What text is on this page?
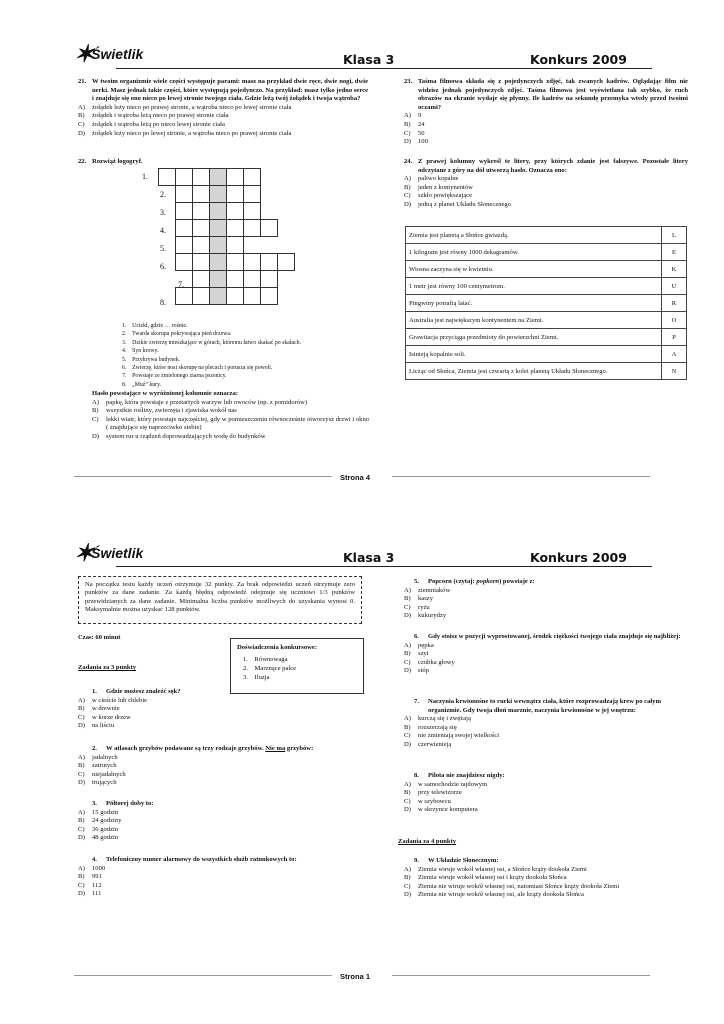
✶Świetlik	Klasa 3	Konkurs 2009
21. W twoim organizmie wiele części występuje parami: masz na przykład dwie ręce, dwie nogi, dwie nerki. Masz jednak takie części, które występują pojedynczo. Na przykład: masz tylko jedno serce i znajduje się ono nieco po lewej stronie twojego ciała. Gdzie leżą twój żołądek i twoja wątroba?
A)	żołądek leży nieco po prawej stronie, a wątroba nieco po lewej stronie ciała
B)	żołądek i wątroba leżą nieco po prawej stronie ciała
C)	żołądek i wątroba leżą po nieco lewej stronie ciała
D)	żołądek leży nieco po lewej stronie, a wątroba nieco po prawej stronie ciała
22. Rozwiąż logogryf.
1.
2.
3.
4.
5.
6.
7.
8.

1. Uciekł, gdzie … rośnie.
2. Twarda skorupa pokrywająca pień drzewa.
3. Dzikie zwierzę mieszkające w górach, któremu łatwo skakać po skałach.
4. Syn krowy.
5. Przykrywa budynek.
6. Zwierzę, które nosi skorupę na plecach i porusza się powoli.
7. Powstaje ze zmielonego ziarna pszenicy.
8. „Muź” kury.
Hasło powstające w wyróżnionej kolumnie oznacza:
A)	papkę, która powstaje z przetartych warzyw lub owoców (np. z pomidorów)
B)	wszystkie rośliny, zwierzęta i zjawiska wokół nas
C)	lekki wiatr, który powstaje najczęściej, gdy w pomieszczeniu równocześnie otworzysz drzwi i okno ( znajdujące się naprzeciwko siebie)
D)	system rur u rządzeń doprowadzających wodę do budynków
23. Taśma filmowa składa się z pojedynczych zdjęć, tak zwanych kadrów. Oglądając film nie widzisz jednak pojedynczych zdjęć. Taśma filmowa jest wyświetlana tak szybko, że ruch obrazów na ekranie wydaje się płynny. Ile kadrów na sekundę przemyka wtedy przed twoimi oczami?
A)	9
B)	24
C)	50
D)	100
24. Z prawej kolumny wykreśl te litery, przy których zdanie jest fałszywe. Pozostałe litery odczytane z góry na dół utworzą hasło. Oznacza ono:
A)	paliwo kopalne
B)	jeden z kontynentów
C)	szkło powiększające
D)	jedną z planet Układu Słonecznego
Ziemia jest planetą a Słońce gwiazdą.	L
1 kilogram jest równy 1000 dekagramów.	E
Wiosna zaczyna się w kwietniu.	K
1 metr jest równy 100 centymetrom.	U
Pingwiny potrafią latać.	R
Australia jest największym kontynentem na Ziemi.	O
Grawitacja przyciąga przedmioty do powierzchni Ziemi.	P
Istnieją kopalnie soli.	A
Licząc od Słońca, Ziemia jest czwartą z kolei planetą Układu Słonecznego.	N
Strona 4
✶Świetlik	Klasa 3	Konkurs 2009
Na początku testu każdy uczeń otrzymuje 32 punkty. Za brak odpowiedzi uczeń otrzymuje zero punktów za dane zadanie. Za każdą błędną odpowiedź odejmuje się uczniowi 1/3 punktów przewidzianych za dane zadanie. Minimalna liczba punktów możliwych do uzyskania wynosi 0. Maksymalnie można uzyskać 128 punktów.
Czas: 60 minut
Doświadczenia konkursowe:
1. Równowaga
2. Marznące palce
3. Iluzja
Zadania za 3 punkty
1.	Gdzie możesz znaleźć sęk?
A)	w cieście lub chlebie
B)	w drewnie
C)	w korze drzew
D)	na liściu
2.	W atlasach grzybów podawane są trzy rodzaje grzybów. Nie ma grzybów:
A)	jadalnych
B)	zatrutych
C)	niejadalnych
D)	trujących
3.	Półtorej doby to:
A)	15 godzin
B)	24 godziny
C)	36 godzin
D)	48 godzin
4.	Telefoniczny numer alarmowy do wszystkich służb ratunkowych to:
A)	1000
B)	991
C)	112
D)	111
5.	Popcorn (czytaj: popkorn) powstaje z:
A)	ziemniaków
B)	kaszy
C)	ryżu
D)	kukurydzy
6.	Gdy stoisz w pozycji wyprostowanej, środek ciężkości twojego ciała znajduje się najbliżej:
A)	pępka
B)	szyi
C)	czubka głowy
D)	stóp
7.	Naczynia krwionośne to rurki wewnątrz ciała, które rozprowadzają krew po całym organizmie. Gdy twoja dłoń marznie, naczynia krwionośne w jej wnętrzu:
A)	kurczą się i zwężają
B)	rozszerzają się
C)	nie zmieniają swojej wielkości
D)	czerwienieją
8.	Pilota nie znajdziesz nigdy:
A)	w samochodzie rajdowym
B)	przy telewizorze
C)	w szybowcu
D)	w skrzynce komputera
Zadania za 4 punkty
9.	W Układzie Słonecznym:
A)	Ziemia wiruje wokół własnej osi, a Słońce krąży dookoła Ziemi
B)	Ziemia wiruje wokół własnej osi i krąży dookoła Słońca
C)	Ziemia nie wiruje wokół własnej osi, natomiast Słońce krąży dookoła Ziemi
D)	Ziemia nie wiruje wokół własnej osi, ale krąży dookoła Słońca
Strona 1
